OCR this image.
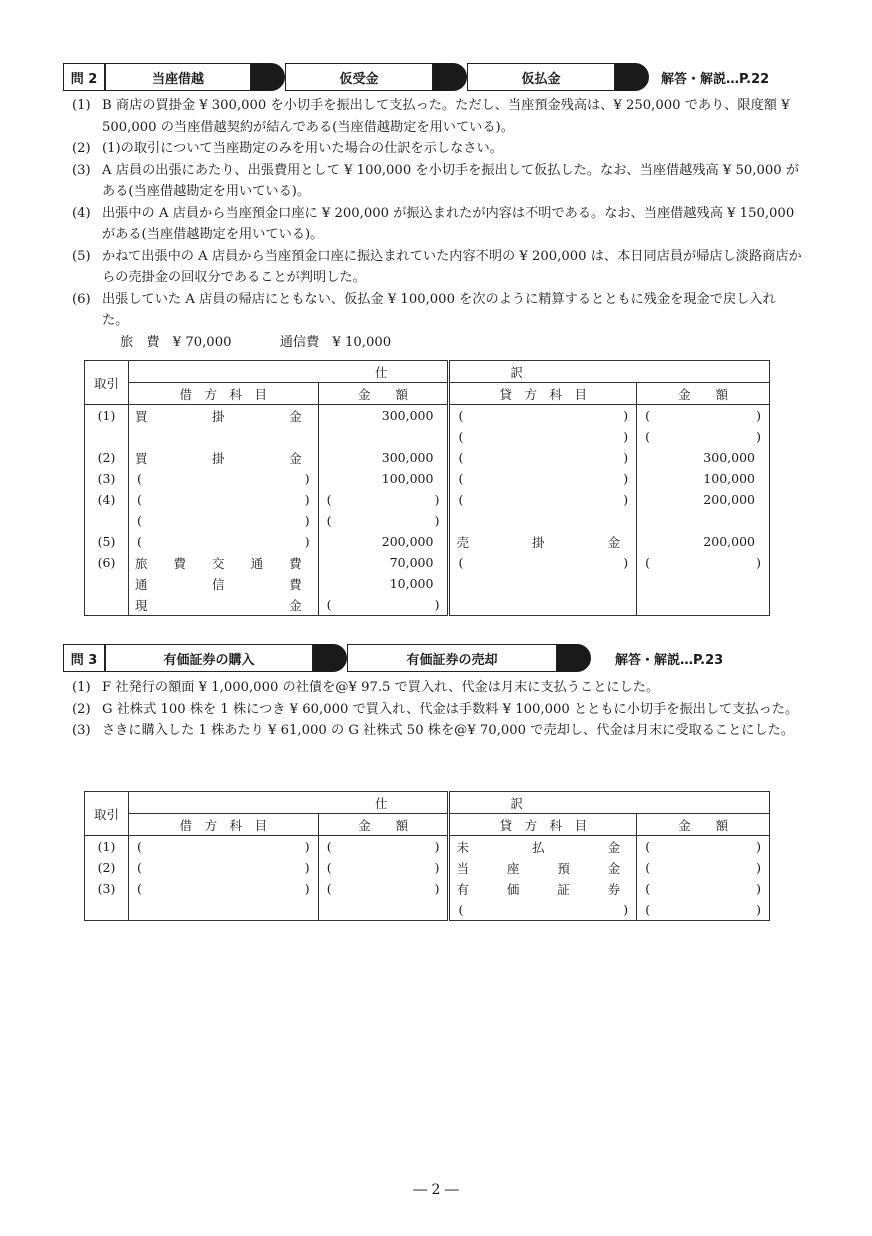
問 2	当座借越	仮受金	仮払金	解答・解説…P.22
(1) B 商店の買掛金 ¥ 300,000 を小切手を振出して支払った。ただし、当座預金残高は、¥ 250,000 であり、限度額 ¥ 500,000 の当座借越契約が結んである(当座借越勘定を用いている)。
(2) (1)の取引について当座勘定のみを用いた場合の仕訳を示しなさい。
(3) A 店員の出張にあたり、出張費用として ¥ 100,000 を小切手を振出して仮払した。なお、当座借越残高 ¥ 50,000 がある(当座借越勘定を用いている)。
(4) 出張中の A 店員から当座預金口座に ¥ 200,000 が振込まれたが内容は不明である。なお、当座借越残高 ¥ 150,000 がある(当座借越勘定を用いている)。
(5) かねて出張中の A 店員から当座預金口座に振込まれていた内容不明の ¥ 200,000 は、本日同店員が帰店し淡路商店からの売掛金の回収分であることが判明した。
(6) 出張していた A 店員の帰店にともない、仮払金 ¥ 100,000 を次のように精算するとともに残金を現金で戻し入れた。
旅　費　¥ 70,000	通信費　¥ 10,000
取引	仕		訳	
	借　方　科　目	金　　額	貸　方　科　目	金　　額
(1)	買 掛 金	300,000	( )	( )

			( )	( )

(2)	買 掛 金	300,000	( )	300,000
(3)	( )	100,000	( )	100,000
(4)	( )	( )	( )	200,000

	( )	( )		

(5)	( )	200,000	売 掛 金	200,000
(6)	旅 費 交 通 費	70,000	( )	( )

	通 信 費	10,000		

	現 金	( )		

問 3	有価証券の購入	有価証券の売却	解答・解説…P.23
(1) F 社発行の額面 ¥ 1,000,000 の社債を@¥ 97.5 で買入れ、代金は月末に支払うことにした。
(2) G 社株式 100 株を 1 株につき ¥ 60,000 で買入れ、代金は手数料 ¥ 100,000 とともに小切手を振出して支払った。
(3) さきに購入した 1 株あたり ¥ 61,000 の G 社株式 50 株を@¥ 70,000 で売却し、代金は月末に受取ることにした。
取引	仕		訳	
	借　方　科　目	金　　額	貸　方　科　目	金　　額
(1)	( )	( )	未 払 金	( )

(2)	( )	( )	当 座 預 金	( )

(3)	( )	( )	有 価 証 券	( )

			( )	( )
― 2 ―
